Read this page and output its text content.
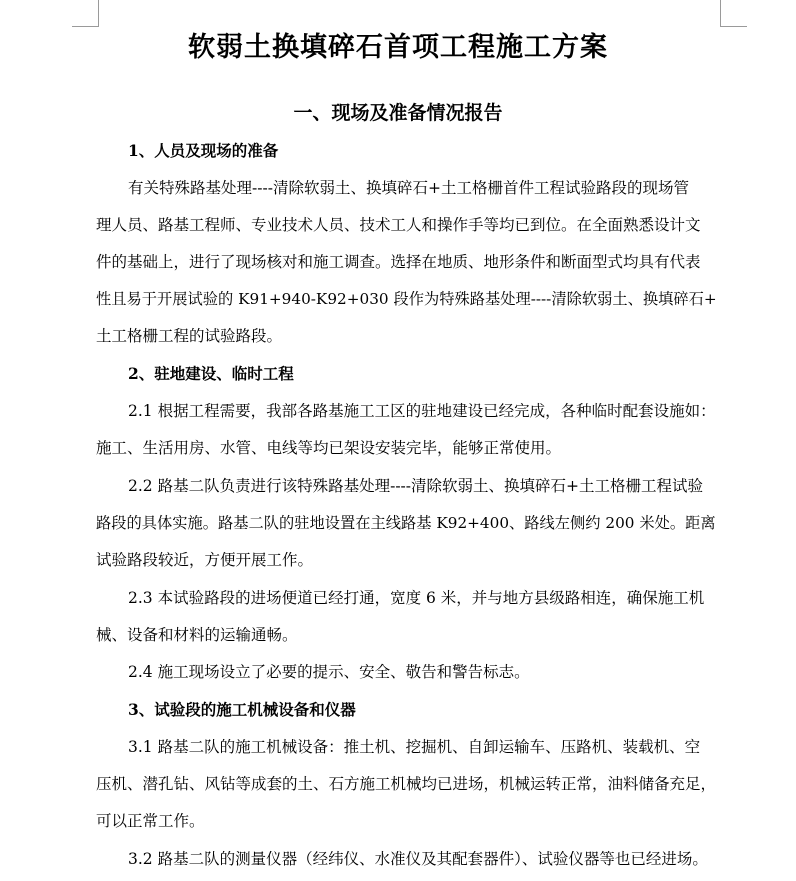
软弱土换填碎石首项工程施工方案
一、现场及准备情况报告
1、人员及现场的准备
有关特殊路基处理----清除软弱土、换填碎石+土工格栅首件工程试验路段的现场管
理人员、路基工程师、专业技术人员、技术工人和操作手等均已到位。在全面熟悉设计文
件的基础上，进行了现场核对和施工调查。选择在地质、地形条件和断面型式均具有代表
性且易于开展试验的 K91+940-K92+030 段作为特殊路基处理----清除软弱土、换填碎石+
土工格栅工程的试验路段。
2、驻地建设、临时工程
2.1 根据工程需要，我部各路基施工工区的驻地建设已经完成，各种临时配套设施如：
施工、生活用房、水管、电线等均已架设安装完毕，能够正常使用。
2.2 路基二队负责进行该特殊路基处理----清除软弱土、换填碎石+土工格栅工程试验
路段的具体实施。路基二队的驻地设置在主线路基 K92+400、路线左侧约 200 米处。距离
试验路段较近，方便开展工作。
2.3 本试验路段的进场便道已经打通，宽度 6 米，并与地方县级路相连，确保施工机
械、设备和材料的运输通畅。
2.4 施工现场设立了必要的提示、安全、敬告和警告标志。
3、试验段的施工机械设备和仪器
3.1 路基二队的施工机械设备：推土机、挖掘机、自卸运输车、压路机、装载机、空
压机、潜孔钻、风钻等成套的土、石方施工机械均已进场，机械运转正常，油料储备充足，
可以正常工作。
3.2 路基二队的测量仪器（经纬仪、水准仪及其配套器件）、试验仪器等也已经进场。
